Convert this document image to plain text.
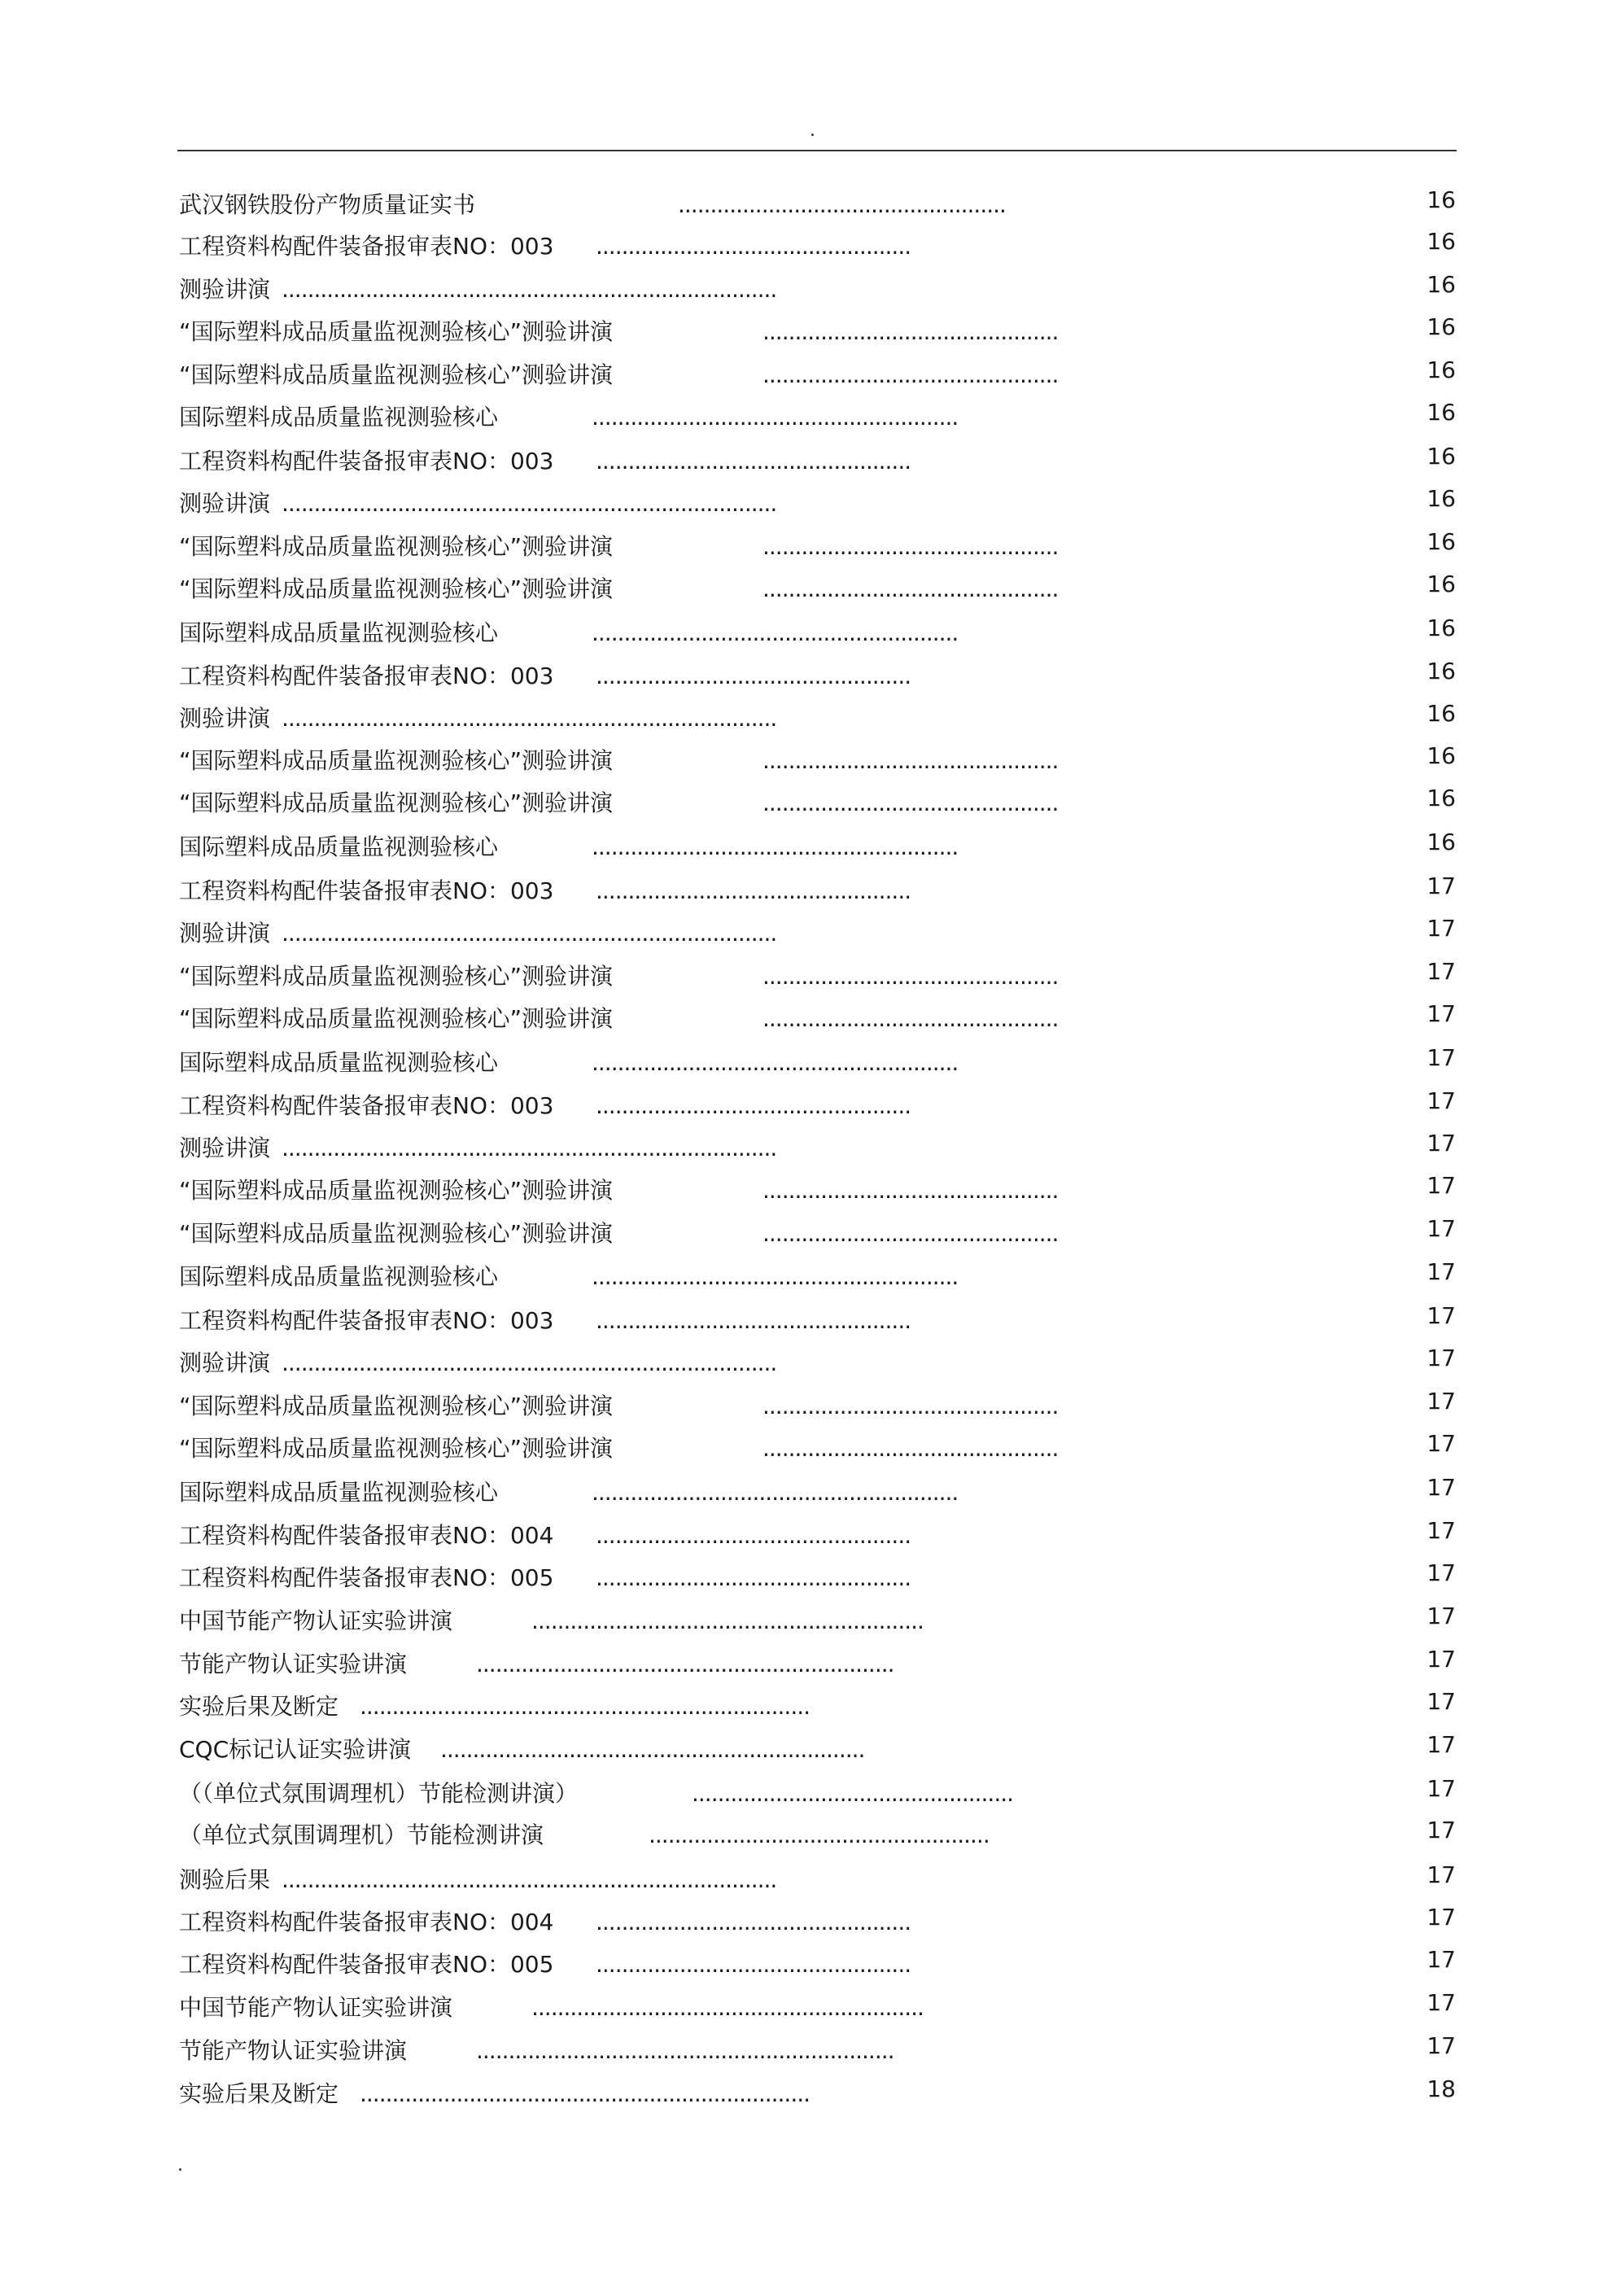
.
武汉钢铁股份产物质量证实书	...................................................	16
工程资料构配件装备报审表NO：003 .................................................	16
测验讲演 .............................................................................	16
“国际塑料成品质量监视测验核心”测验讲演	..............................................	16
“国际塑料成品质量监视测验核心”测验讲演	..............................................	16
国际塑料成品质量监视测验核心	.........................................................	16
工程资料构配件装备报审表NO：003 .................................................	16
测验讲演 .............................................................................	16
“国际塑料成品质量监视测验核心”测验讲演	..............................................	16
“国际塑料成品质量监视测验核心”测验讲演	..............................................	16
国际塑料成品质量监视测验核心	.........................................................	16
工程资料构配件装备报审表NO：003 .................................................	16
测验讲演 .............................................................................	16
“国际塑料成品质量监视测验核心”测验讲演	..............................................	16
“国际塑料成品质量监视测验核心”测验讲演	..............................................	16
国际塑料成品质量监视测验核心	.........................................................	16
工程资料构配件装备报审表NO：003 .................................................	17
测验讲演 .............................................................................	17
“国际塑料成品质量监视测验核心”测验讲演	..............................................	17
“国际塑料成品质量监视测验核心”测验讲演	..............................................	17
国际塑料成品质量监视测验核心	.........................................................	17
工程资料构配件装备报审表NO：003 .................................................	17
测验讲演 .............................................................................	17
“国际塑料成品质量监视测验核心”测验讲演	..............................................	17
“国际塑料成品质量监视测验核心”测验讲演	..............................................	17
国际塑料成品质量监视测验核心	.........................................................	17
工程资料构配件装备报审表NO：003 .................................................	17
测验讲演 .............................................................................	17
“国际塑料成品质量监视测验核心”测验讲演	..............................................	17
“国际塑料成品质量监视测验核心”测验讲演	..............................................	17
国际塑料成品质量监视测验核心	.........................................................	17
工程资料构配件装备报审表NO：004 .................................................	17
工程资料构配件装备报审表NO：005 .................................................	17
中国节能产物认证实验讲演	.............................................................	17
节能产物认证实验讲演	.................................................................	17
实验后果及断定 ......................................................................	17
CQC标记认证实验讲演 ..................................................................	17
（（单位式氛围调理机）节能检测讲演）	..................................................	17
（单位式氛围调理机）节能检测讲演	.....................................................	17
测验后果 .............................................................................	17
工程资料构配件装备报审表NO：004 .................................................	17
工程资料构配件装备报审表NO：005 .................................................	17
中国节能产物认证实验讲演	.............................................................	17
节能产物认证实验讲演	.................................................................	17
实验后果及断定 ......................................................................	18
.
